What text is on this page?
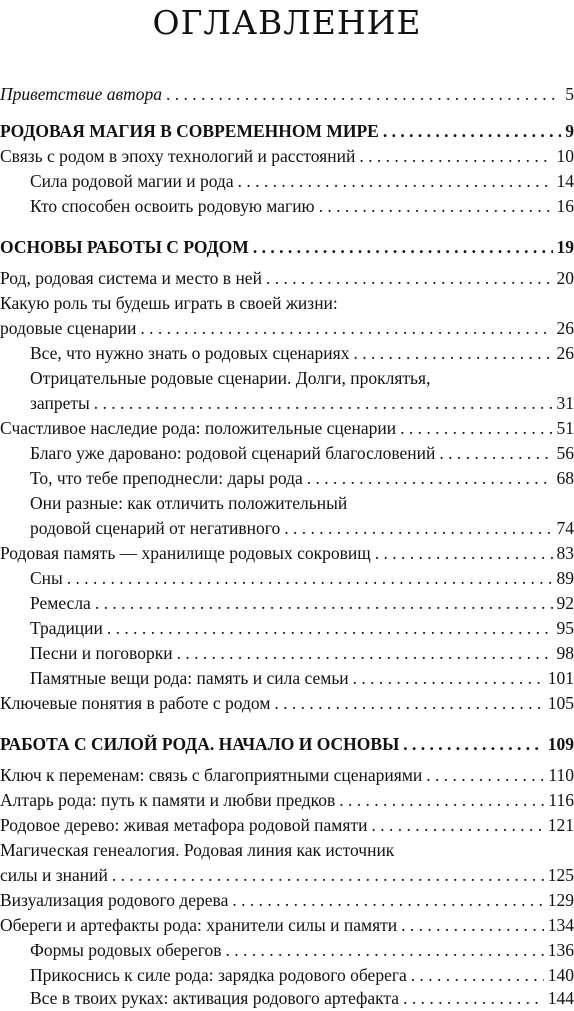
ОГЛАВЛЕНИЕ
Приветствие автора . . .	5
РОДОВАЯ МАГИЯ В СОВРЕМЕННОМ МИРЕ . . .	9
Связь с родом в эпоху технологий и расстояний . . .	10
Сила родовой магии и рода . . .	14
Кто способен освоить родовую магию . . .	16
ОСНОВЫ РАБОТЫ С РОДОМ . . .	19
Род, родовая система и место в ней . . .	20
Какую роль ты будешь играть в своей жизни:
родовые сценарии . . .	26
Все, что нужно знать о родовых сценариях . . .	26
Отрицательные родовые сценарии. Долги, проклятья,
запреты . . .	31
Счастливое наследие рода: положительные сценарии . . .	51
Благо уже даровано: родовой сценарий благословений . . .	56
То, что тебе преподнесли: дары рода . . .	68
Они разные: как отличить положительный
родовой сценарий от негативного . . .	74
Родовая память — хранилище родовых сокровищ . . .	83
Сны . . .	89
Ремесла . . .	92
Традиции . . .	95
Песни и поговорки . . .	98
Памятные вещи рода: память и сила семьи . . .	101
Ключевые понятия в работе с родом . . .	105
РАБОТА С СИЛОЙ РОДА. НАЧАЛО И ОСНОВЫ . . .	109
Ключ к переменам: связь с благоприятными сценариями . . .	110
Алтарь рода: путь к памяти и любви предков . . .	116
Родовое дерево: живая метафора родовой памяти . . .	121
Магическая генеалогия. Родовая линия как источник
силы и знаний . . .	125
Визуализация родового дерева . . .	129
Обереги и артефакты рода: хранители силы и памяти . . .	134
Формы родовых оберегов . . .	136
Прикоснись к силе рода: зарядка родового оберега . . .	140
Все в твоих руках: активация родового артефакта . . .	144
